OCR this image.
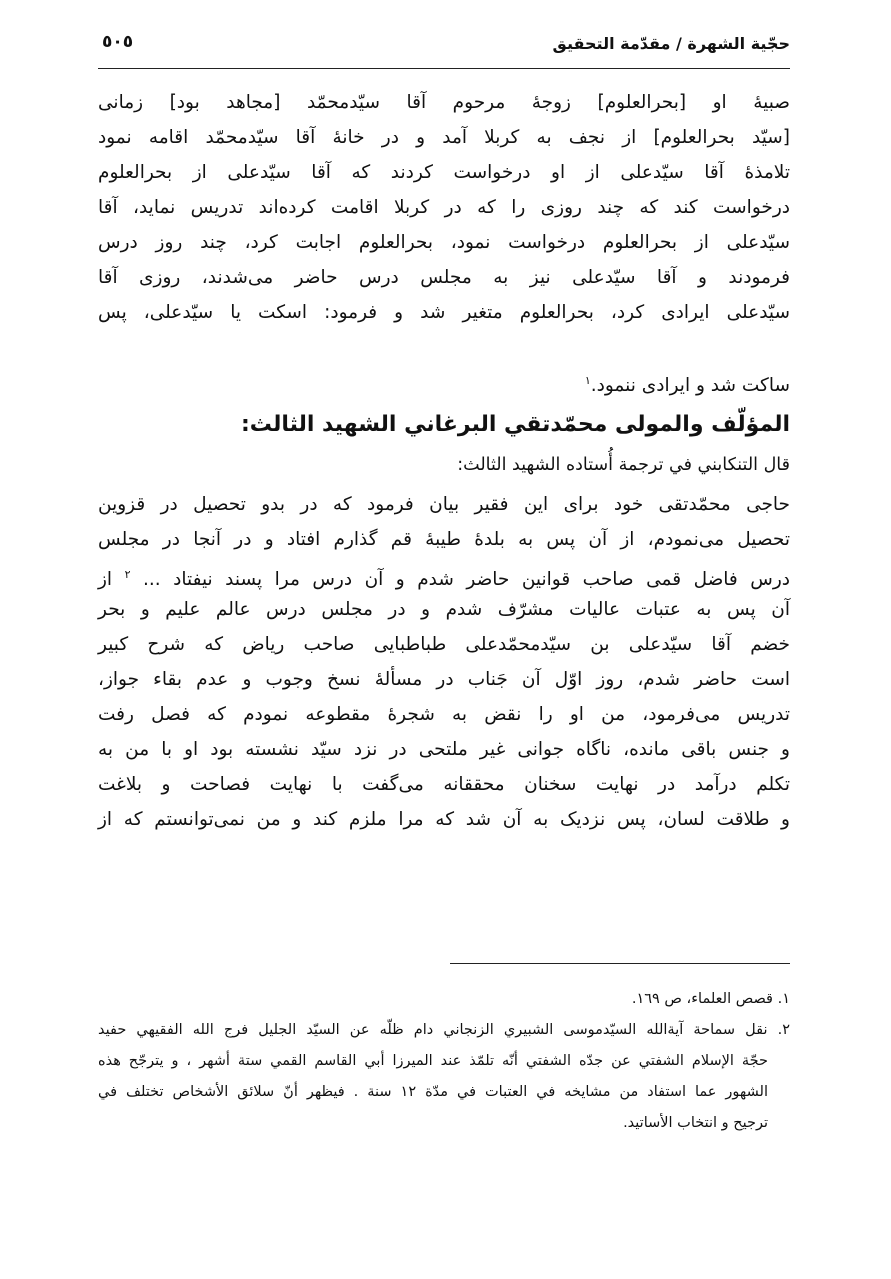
حجّية الشهرة / مقدّمة التحقيق
٥٠٥
صبيهٔ او [بحرالعلوم] زوجهٔ مرحوم آقا سيّدمحمّد [مجاهد بود] زمانی
[سيّد بحرالعلوم] از نجف به كربلا آمد و در خانهٔ آقا سيّدمحمّد اقامه نمود
تلامذهٔ آقا سيّدعلی از او درخواست كردند كه آقا سيّدعلی از بحرالعلوم
درخواست كند كه چند روزی را كه در كربلا اقامت كرده‌اند تدريس نمايد، آقا
سيّدعلی از بحرالعلوم درخواست نمود، بحرالعلوم اجابت كرد، چند روز درس
فرمودند و آقا سيّدعلی نيز به مجلس درس حاضر می‌شدند، روزی آقا
سيّدعلی ايرادی كرد، بحرالعلوم متغير شد و فرمود: اسكت يا سيّدعلی، پس
ساكت شد و ايرادی ننمود.$^١$
المؤلّف والمولى محمّدتقي البرغاني الشهيد الثالث:
قال التنكابني في ترجمة أُستاده الشهيد الثالث:
حاجی محمّدتقی خود برای اين فقير بيان فرمود كه در بدو تحصيل در قزوين
تحصيل می‌نمودم، از آن پس به بلدهٔ طيبهٔ قم گذارم افتاد و در آنجا در مجلس
درس فاضل قمی صاحب قوانين حاضر شدم و آن درس مرا پسند نيفتاد ... $^٢$ از
آن پس به عتبات عاليات مشرّف شدم و در مجلس درس عالم عليم و بحر
خضم آقا سيّدعلی بن سيّدمحمّدعلی طباطبايی صاحب رياض كه شرح كبير
است حاضر شدم، روز اوّل آن جَناب در مسألهٔ نسخ وجوب و عدم بقاء جواز،
تدريس می‌فرمود، من او را نقض به شجرهٔ مقطوعه نمودم كه فصل رفت
و جنس باقی مانده، ناگاه جوانی غير ملتحی در نزد سيّد نشسته بود او با من به
تكلم درآمد در نهايت سخنان محققانه می‌گفت با نهايت فصاحت و بلاغت
و طلاقت لسان، پس نزديک به آن شد كه مرا ملزم كند و من نمی‌توانستم كه از
١. قصص العلماء، ص ١٦٩.
٢. نقل سماحة آيةالله السيّدموسى الشبيري الزنجاني دام ظلّه عن السيّد الجليل فرج الله الفقيهي حفيد
حجّة الإسلام الشفتي عن جدّه الشفتي أنّه تلمّذ عند الميرزا أبي القاسم القمي ستة أشهر ، و يترجّح هذه
الشهور عما استفاد من مشايخه في العتبات في مدّة ١٢ سنة . فيظهر أنّ سلائق الأشخاص تختلف في
ترجيح و انتخاب الأساتيد.
